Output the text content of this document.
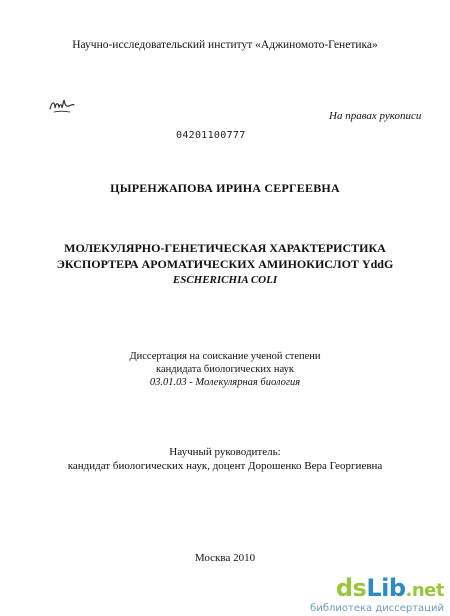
Научно-исследовательский институт «Аджиномото-Генетика»
На правах рукописи
04201100777
ЦЫРЕНЖАПОВА ИРИНА СЕРГЕЕВНА
МОЛЕКУЛЯРНО-ГЕНЕТИЧЕСКАЯ ХАРАКТЕРИСТИКА
ЭКСПОРТЕРА АРОМАТИЧЕСКИХ АМИНОКИСЛОТ YddG
ESCHERICHIA COLI
Диссертация на соискание ученой степени
кандидата биологических наук
03.01.03 - Молекулярная биология
Научный руководитель:
кандидат биологических наук, доцент Дорошенко Вера Георгиевна
Москва 2010
dsLib.net
библиотека диссертаций
